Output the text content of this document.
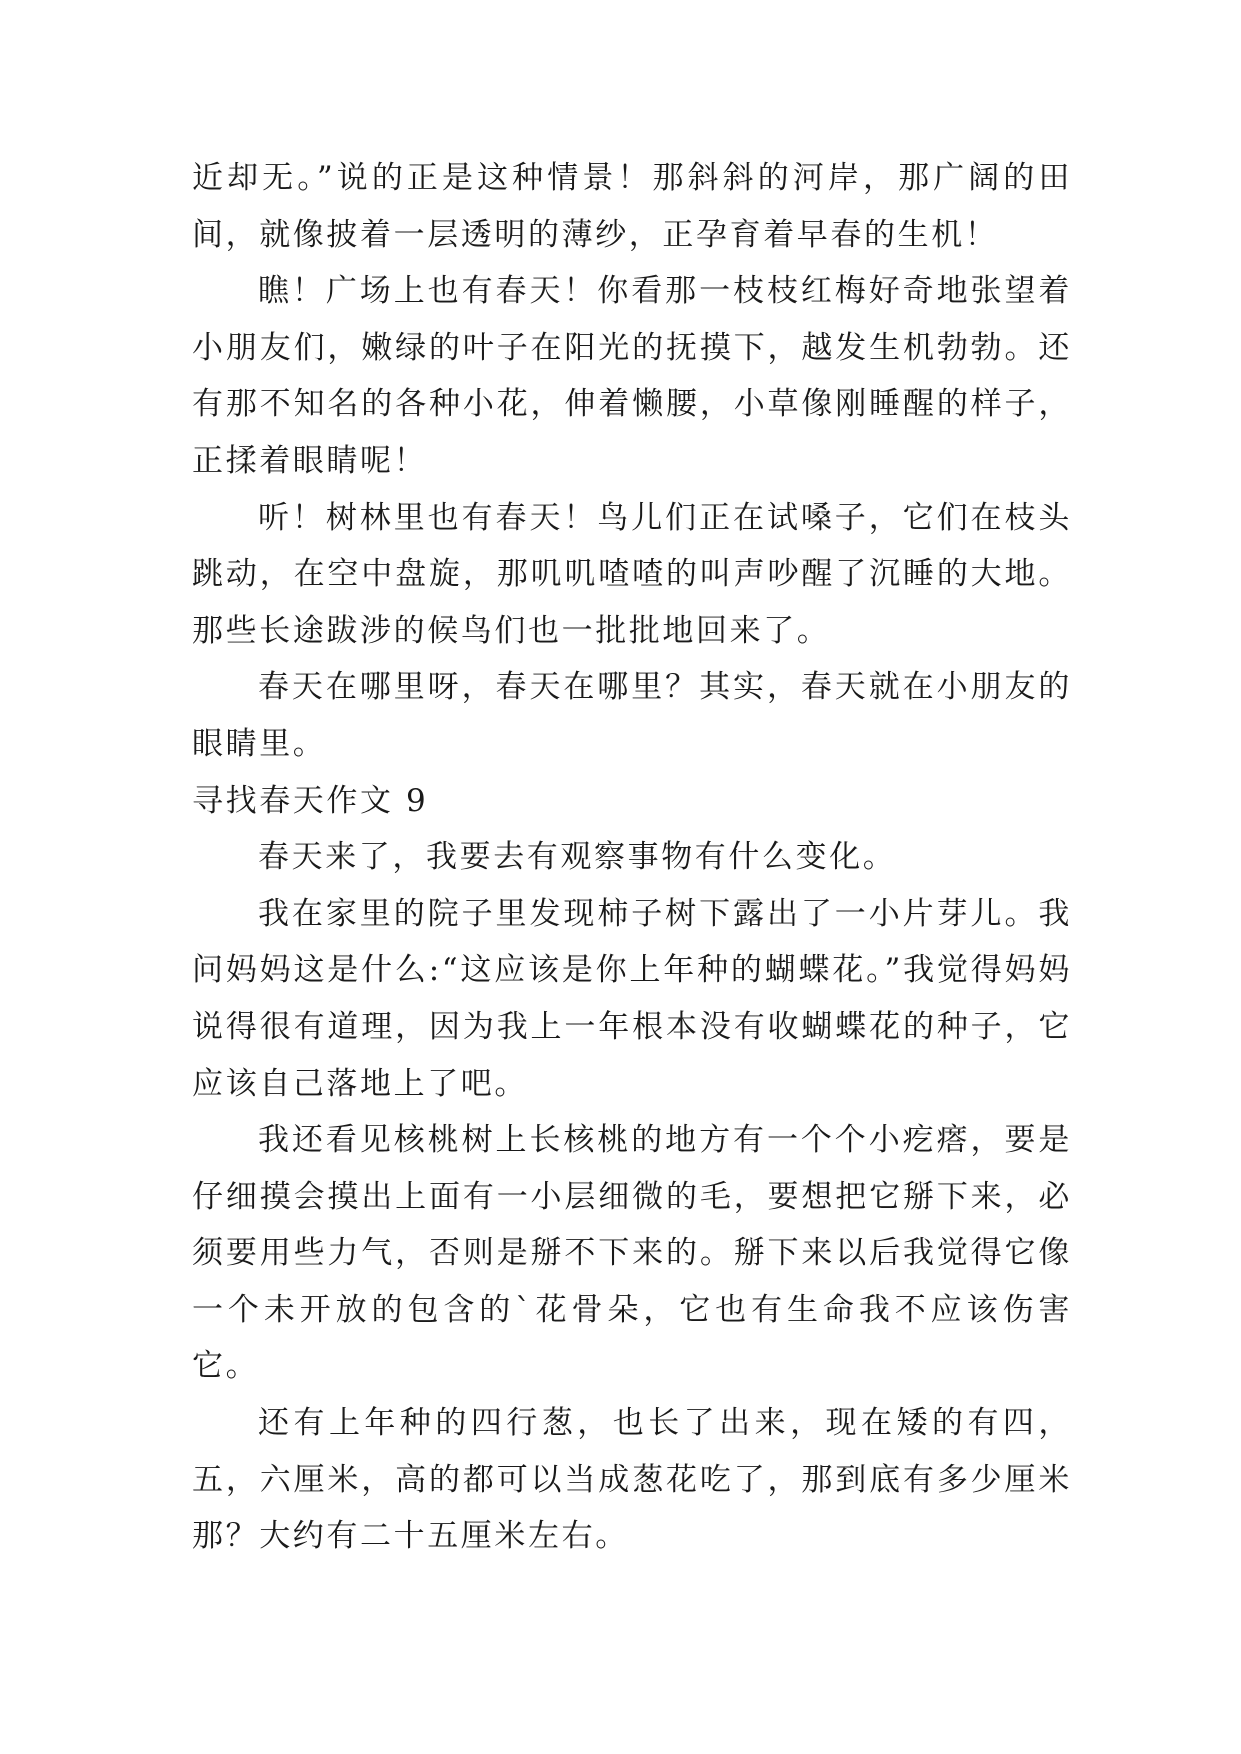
近却无。”说的正是这种情景！那斜斜的河岸，那广阔的田间，就像披着一层透明的薄纱，正孕育着早春的生机！

瞧！广场上也有春天！你看那一枝枝红梅好奇地张望着小朋友们，嫩绿的叶子在阳光的抚摸下，越发生机勃勃。还有那不知名的各种小花，伸着懒腰，小草像刚睡醒的样子，正揉着眼睛呢！

听！树林里也有春天！鸟儿们正在试嗓子，它们在枝头跳动，在空中盘旋，那叽叽喳喳的叫声吵醒了沉睡的大地。那些长途跋涉的候鸟们也一批批地回来了。

春天在哪里呀，春天在哪里？其实，春天就在小朋友的眼睛里。

寻找春天作文 9

春天来了，我要去有观察事物有什么变化。

我在家里的院子里发现柿子树下露出了一小片芽儿。我问妈妈这是什么:“这应该是你上年种的蝴蝶花。”我觉得妈妈说得很有道理，因为我上一年根本没有收蝴蝶花的种子，它应该自己落地上了吧。

我还看见核桃树上长核桃的地方有一个个小疙瘩，要是仔细摸会摸出上面有一小层细微的毛，要想把它掰下来，必须要用些力气，否则是掰不下来的。掰下来以后我觉得它像一个未开放的包含的`花骨朵，它也有生命我不应该伤害它。

还有上年种的四行葱，也长了出来，现在矮的有四，五，六厘米，高的都可以当成葱花吃了，那到底有多少厘米那？大约有二十五厘米左右。
